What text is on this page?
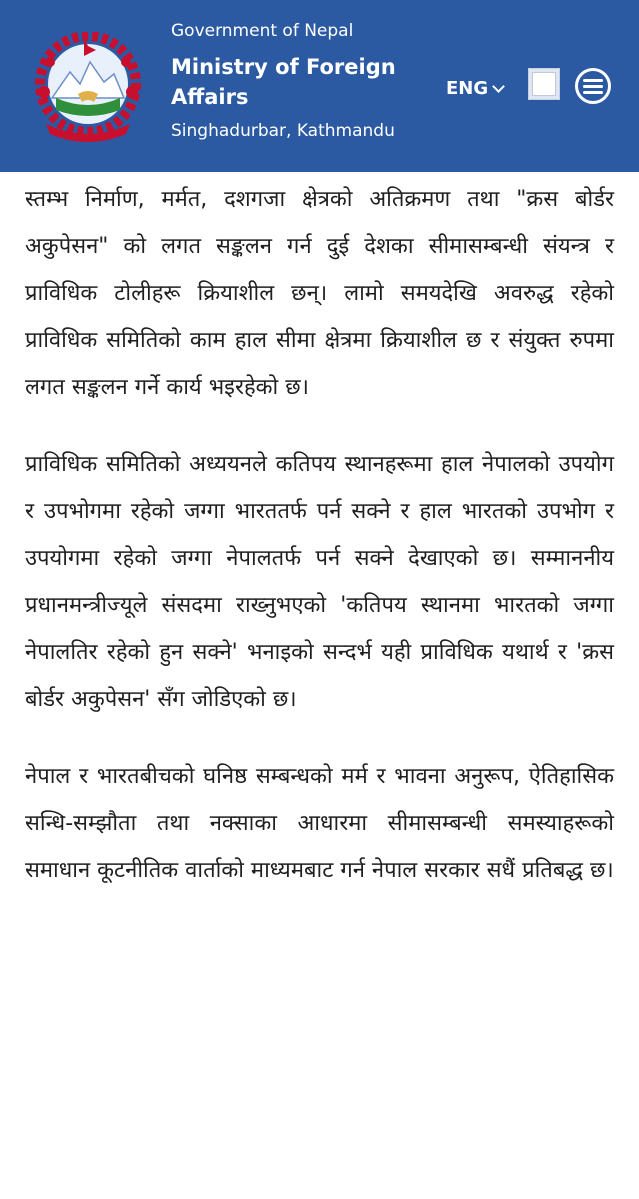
Government of Nepal
Ministry of Foreign Affairs
Singhadurbar, Kathmandu
ENG

स्तम्भ निर्माण, मर्मत, दशगजा क्षेत्रको अतिक्रमण तथा "क्रस बोर्डर अकुपेसन" को लगत सङ्कलन गर्न दुई देशका सीमासम्बन्धी संयन्त्र र प्राविधिक टोलीहरू क्रियाशील छन्। लामो समयदेखि अवरुद्ध रहेको प्राविधिक समितिको काम हाल सीमा क्षेत्रमा क्रियाशील छ र संयुक्त रुपमा लगत सङ्कलन गर्ने कार्य भइरहेको छ।

प्राविधिक समितिको अध्ययनले कतिपय स्थानहरूमा हाल नेपालको उपयोग र उपभोगमा रहेको जग्गा भारततर्फ पर्न सक्ने र हाल भारतको उपभोग र उपयोगमा रहेको जग्गा नेपालतर्फ पर्न सक्ने देखाएको छ। सम्माननीय प्रधानमन्त्रीज्यूले संसदमा राख्नुभएको 'कतिपय स्थानमा भारतको जग्गा नेपालतिर रहेको हुन सक्ने' भनाइको सन्दर्भ यही प्राविधिक यथार्थ र 'क्रस बोर्डर अकुपेसन' सँग जोडिएको छ।

नेपाल र भारतबीचको घनिष्ठ सम्बन्धको मर्म र भावना अनुरूप, ऐतिहासिक सन्धि-सम्झौता तथा नक्साका आधारमा सीमासम्बन्धी समस्याहरूको समाधान कूटनीतिक वार्ताको माध्यमबाट गर्न नेपाल सरकार सधैं प्रतिबद्ध छ।
